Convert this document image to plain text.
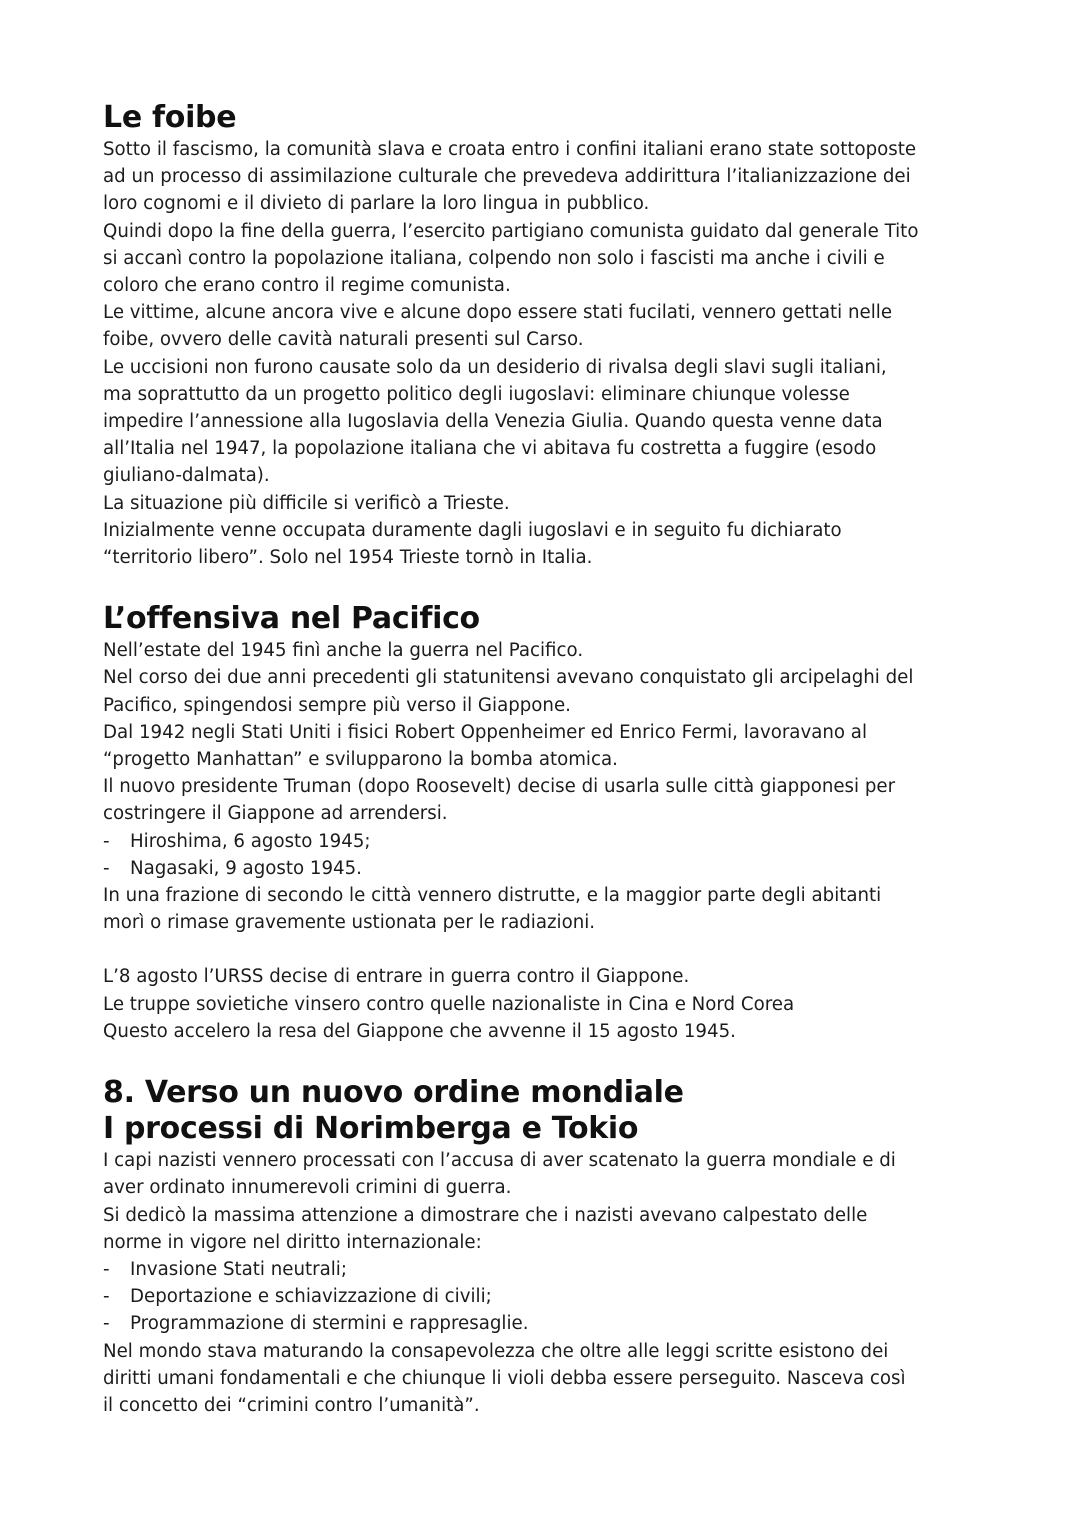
Le foibe

Sotto il fascismo, la comunità slava e croata entro i confini italiani erano state sottoposte

ad un processo di assimilazione culturale che prevedeva addirittura l’italianizzazione dei

loro cognomi e il divieto di parlare la loro lingua in pubblico.

Quindi dopo la fine della guerra, l’esercito partigiano comunista guidato dal generale Tito

si accanì contro la popolazione italiana, colpendo non solo i fascisti ma anche i civili e

coloro che erano contro il regime comunista.

Le vittime, alcune ancora vive e alcune dopo essere stati fucilati, vennero gettati nelle

foibe, ovvero delle cavità naturali presenti sul Carso.

Le uccisioni non furono causate solo da un desiderio di rivalsa degli slavi sugli italiani,

ma soprattutto da un progetto politico degli iugoslavi: eliminare chiunque volesse

impedire l’annessione alla Iugoslavia della Venezia Giulia. Quando questa venne data

all’Italia nel 1947, la popolazione italiana che vi abitava fu costretta a fuggire (esodo

giuliano-dalmata).

La situazione più difficile si verificò a Trieste.

Inizialmente venne occupata duramente dagli iugoslavi e in seguito fu dichiarato

“territorio libero”. Solo nel 1954 Trieste tornò in Italia.

L’offensiva nel Pacifico

Nell’estate del 1945 finì anche la guerra nel Pacifico.

Nel corso dei due anni precedenti gli statunitensi avevano conquistato gli arcipelaghi del

Pacifico, spingendosi sempre più verso il Giappone.

Dal 1942 negli Stati Uniti i fisici Robert Oppenheimer ed Enrico Fermi, lavoravano al

“progetto Manhattan” e svilupparono la bomba atomica.

Il nuovo presidente Truman (dopo Roosevelt) decise di usarla sulle città giapponesi per

costringere il Giappone ad arrendersi.

-	Hiroshima, 6 agosto 1945;
-	Nagasaki, 9 agosto 1945.

In una frazione di secondo le città vennero distrutte, e la maggior parte degli abitanti

morì o rimase gravemente ustionata per le radiazioni.

L’8 agosto l’URSS decise di entrare in guerra contro il Giappone.

Le truppe sovietiche vinsero contro quelle nazionaliste in Cina e Nord Corea

Questo accelero la resa del Giappone che avvenne il 15 agosto 1945.

8. Verso un nuovo ordine mondiale
I processi di Norimberga e Tokio

I capi nazisti vennero processati con l’accusa di aver scatenato la guerra mondiale e di

aver ordinato innumerevoli crimini di guerra.

Si dedicò la massima attenzione a dimostrare che i nazisti avevano calpestato delle

norme in vigore nel diritto internazionale:

-	Invasione Stati neutrali;
-	Deportazione e schiavizzazione di civili;
-	Programmazione di stermini e rappresaglie.

Nel mondo stava maturando la consapevolezza che oltre alle leggi scritte esistono dei

diritti umani fondamentali e che chiunque li violi debba essere perseguito. Nasceva così

il concetto dei “crimini contro l’umanità”.
